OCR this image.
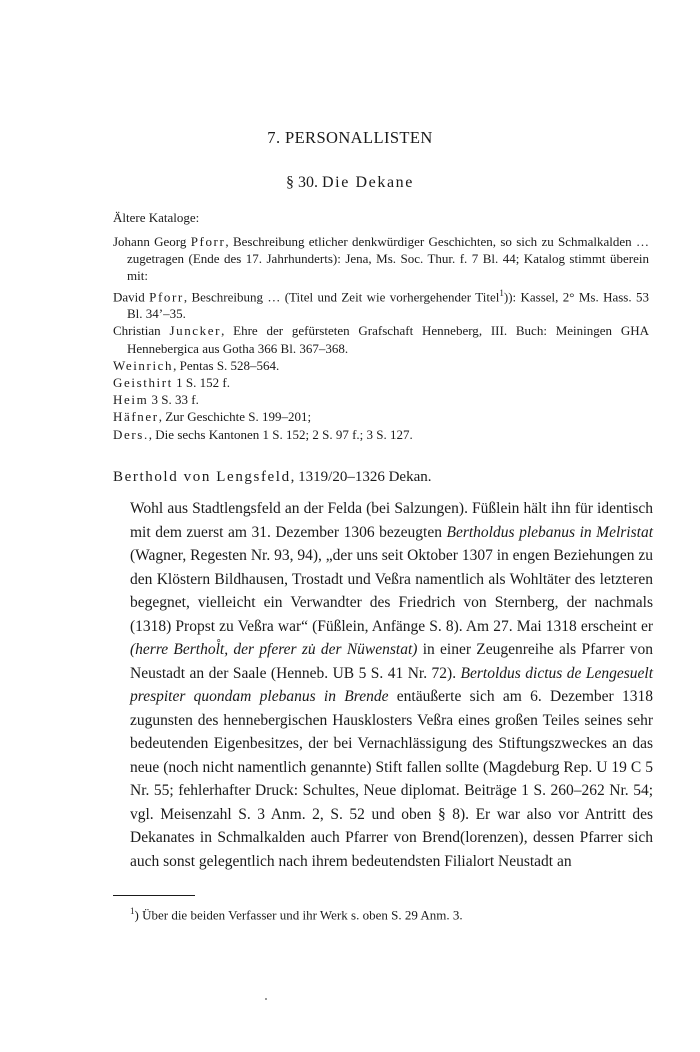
7. PERSONALLISTEN
§ 30. Die Dekane
Ältere Kataloge:
Johann Georg Pforr, Beschreibung etlicher denkwürdiger Geschichten, so sich zu Schmalkalden … zugetragen (Ende des 17. Jahrhunderts): Jena, Ms. Soc. Thur. f. 7 Bl. 44; Katalog stimmt überein mit:
David Pforr, Beschreibung … (Titel und Zeit wie vorhergehender Titel$^1$)): Kassel, 2° Ms. Hass. 53 Bl. 34’–35.
Christian Juncker, Ehre der gefürsteten Grafschaft Henneberg, III. Buch: Meiningen GHA Hennebergica aus Gotha 366 Bl. 367–368.
Weinrich, Pentas S. 528–564.
Geisthirt 1 S. 152 f.
Heim 3 S. 33 f.
Häfner, Zur Geschichte S. 199–201;
Ders., Die sechs Kantonen 1 S. 152; 2 S. 97 f.; 3 S. 127.
Berthold von Lengsfeld, 1319/20–1326 Dekan.
Wohl aus Stadtlengsfeld an der Felda (bei Salzungen). Füßlein hält ihn für identisch mit dem zuerst am 31. Dezember 1306 bezeugten Bertholdus plebanus in Melristat (Wagner, Regesten Nr. 93, 94), „der uns seit Oktober 1307 in engen Beziehungen zu den Klöstern Bildhausen, Trostadt und Veßra namentlich als Wohltäter des letzteren begegnet, vielleicht ein Verwandter des Friedrich von Sternberg, der nachmals (1318) Propst zu Veßra war“ (Füßlein, Anfänge S. 8). Am 27. Mai 1318 erscheint er (herre Berthol̊t, der pferer zu̇ der Nüwenstat) in einer Zeugenreihe als Pfarrer von Neustadt an der Saale (Henneb. UB 5 S. 41 Nr. 72). Bertoldus dictus de Lengesuelt prespiter quondam plebanus in Brende entäußerte sich am 6. Dezember 1318 zugunsten des hennebergischen Hausklosters Veßra eines großen Teiles seines sehr bedeutenden Eigenbesitzes, der bei Vernachlässigung des Stiftungszweckes an das neue (noch nicht namentlich genannte) Stift fallen sollte (Magdeburg Rep. U 19 C 5 Nr. 55; fehlerhafter Druck: Schultes, Neue diplomat. Beiträge 1 S. 260–262 Nr. 54; vgl. Meisenzahl S. 3 Anm. 2, S. 52 und oben § 8). Er war also vor Antritt des Dekanates in Schmalkalden auch Pfarrer von Brend(lorenzen), dessen Pfarrer sich auch sonst gelegentlich nach ihrem bedeutendsten Filialort Neustadt an
$^1$) Über die beiden Verfasser und ihr Werk s. oben S. 29 Anm. 3.
